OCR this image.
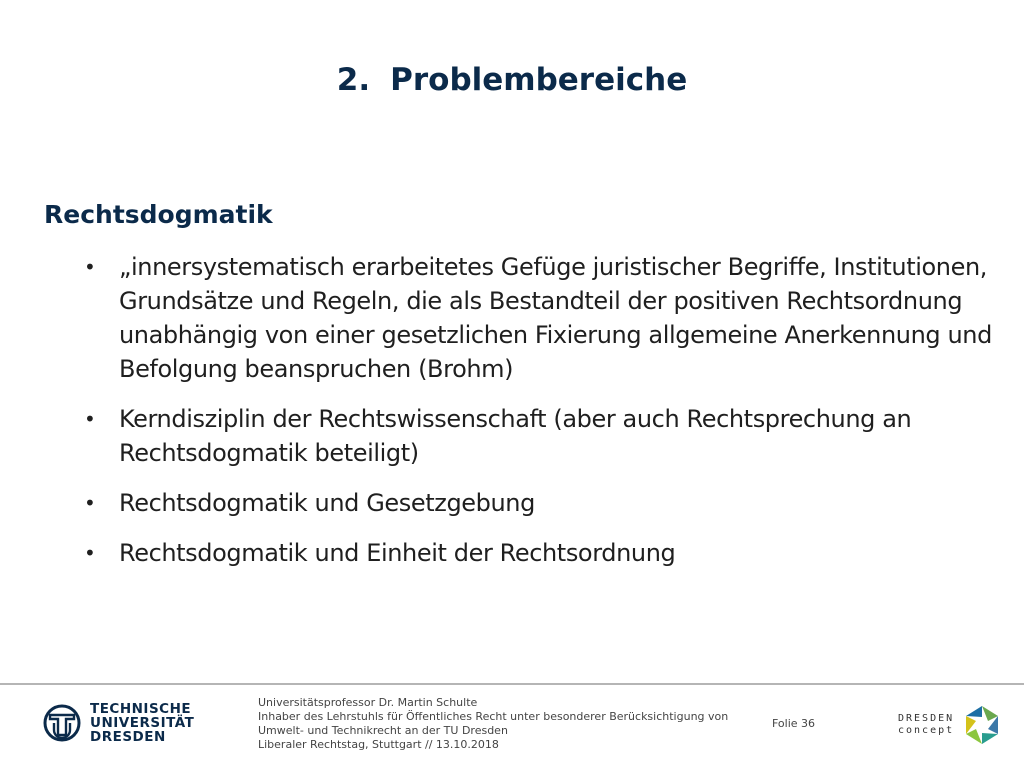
2. Problembereiche
Rechtsdogmatik
• „innersystematisch erarbeitetes Gefüge juristischer Begriffe, Institutionen, Grundsätze und Regeln, die als Bestandteil der positiven Rechtsordnung unabhängig von einer gesetzlichen Fixierung allgemeine Anerkennung und Befolgung beanspruchen (Brohm)
• Kerndisziplin der Rechtswissenschaft (aber auch Rechtsprechung an Rechtsdogmatik beteiligt)
• Rechtsdogmatik und Gesetzgebung
• Rechtsdogmatik und Einheit der Rechtsordnung
TECHNISCHE
UNIVERSITÄT
DRESDEN
Universitätsprofessor Dr. Martin Schulte
Inhaber des Lehrstuhls für Öffentliches Recht unter besonderer Berücksichtigung von
Umwelt- und Technikrecht an der TU Dresden
Liberaler Rechtstag, Stuttgart // 13.10.2018
Folie 36	DRESDEN
concept
